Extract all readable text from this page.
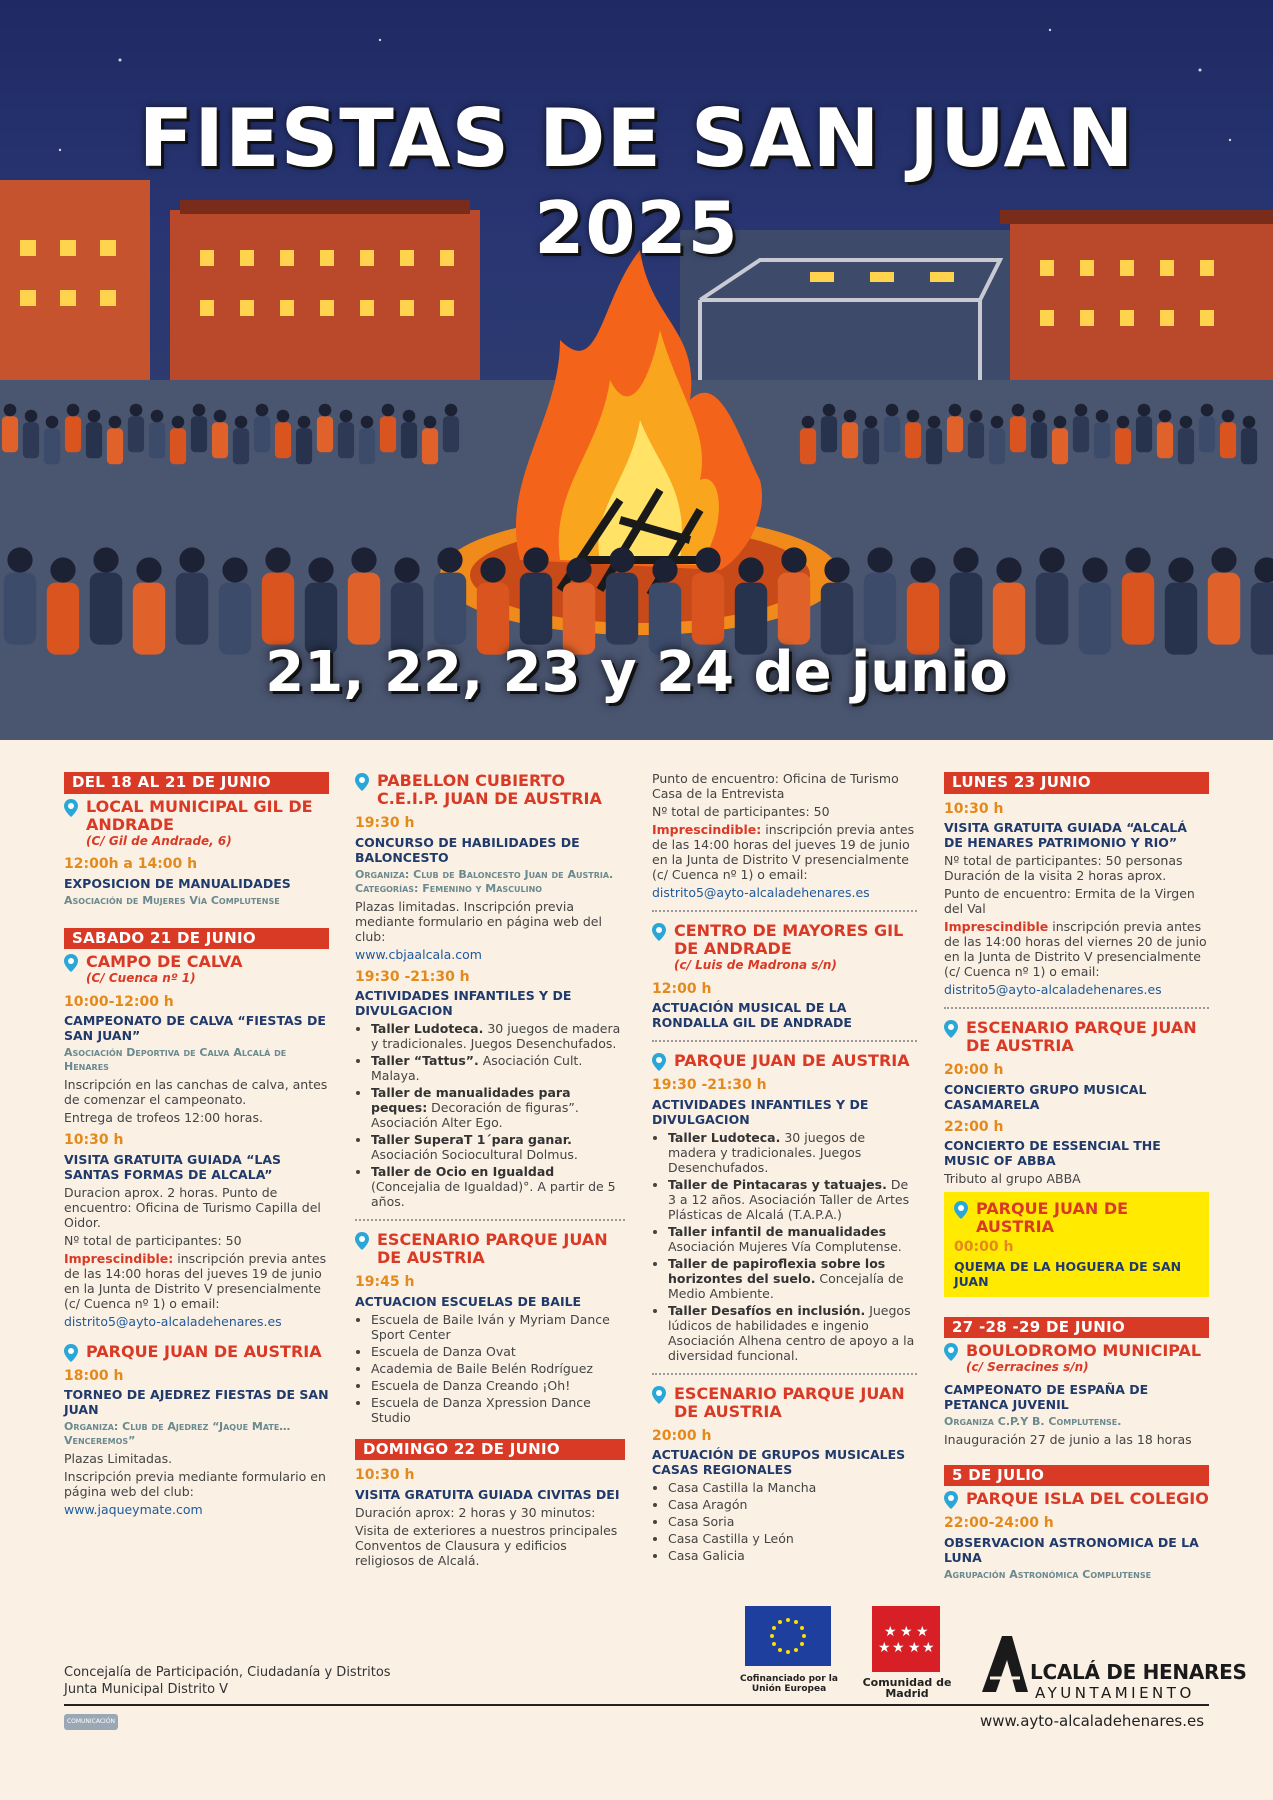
FIESTAS DE SAN JUAN
2025
21, 22, 23 y 24 de junio
DEL 18 AL 21 DE JUNIO
LOCAL MUNICIPAL GIL DE ANDRADE
(C/ Gil de Andrade, 6)
12:00h a 14:00 h
EXPOSICION DE MANUALIDADES
Asociación de Mujeres Vía Complutense
SABADO 21 DE JUNIO
CAMPO DE CALVA
(C/ Cuenca nº 1)
10:00-12:00 h
CAMPEONATO DE CALVA “FIESTAS DE SAN JUAN”
Asociación Deportiva de Calva Alcalá de Henares
Inscripción en las canchas de calva, antes de comenzar el campeonato.
Entrega de trofeos 12:00 horas.
10:30 h
VISITA GRATUITA GUIADA “LAS SANTAS FORMAS DE ALCALA”
Duracion aprox. 2 horas. Punto de encuentro: Oficina de Turismo Capilla del Oidor.
Nº total de participantes: 50
Imprescindible: inscripción previa antes de las 14:00 horas del jueves 19 de junio en la Junta de Distrito V presencialmente (c/ Cuenca nº 1) o email:
distrito5@ayto-alcaladehenares.es
PARQUE JUAN DE AUSTRIA
18:00 h
TORNEO DE AJEDREZ FIESTAS DE SAN JUAN
Organiza: Club de Ajedrez “Jaque Mate… Venceremos”
Plazas Limitadas.
Inscripción previa mediante formulario en página web del club:
www.jaqueymate.com
PABELLON CUBIERTO C.E.I.P. JUAN DE AUSTRIA
19:30 h
CONCURSO DE HABILIDADES DE BALONCESTO
Organiza: Club de Baloncesto Juan de Austria. Categorías: Femenino y Masculino
Plazas limitadas. Inscripción previa mediante formulario en página web del club:
www.cbjaalcala.com
19:30 -21:30 h
ACTIVIDADES INFANTILES Y DE DIVULGACION
• Taller Ludoteca. 30 juegos de madera y tradicionales. Juegos Desenchufados.
• Taller “Tattus”. Asociación Cult. Malaya.
• Taller de manualidades para peques: Decoración de figuras”. Asociación Alter Ego.
• Taller SuperaT 1´para ganar. Asociación Sociocultural Dolmus.
• Taller de Ocio en Igualdad (Concejalia de Igualdad)°. A partir de 5 años.
ESCENARIO PARQUE JUAN DE AUSTRIA
19:45 h
ACTUACION ESCUELAS DE BAILE
• Escuela de Baile Iván y Myriam Dance Sport Center
• Escuela de Danza Ovat
• Academia de Baile Belén Rodríguez
• Escuela de Danza Creando ¡Oh!
• Escuela de Danza Xpression Dance Studio
DOMINGO 22 DE JUNIO
10:30 h
VISITA GRATUITA GUIADA CIVITAS DEI
Duración aprox: 2 horas y 30 minutos:
Visita de exteriores a nuestros principales Conventos de Clausura y edificios religiosos de Alcalá.
Punto de encuentro: Oficina de Turismo Casa de la Entrevista
Nº total de participantes: 50
Imprescindible: inscripción previa antes de las 14:00 horas del jueves 19 de junio en la Junta de Distrito V presencialmente (c/ Cuenca nº 1) o email:
distrito5@ayto-alcaladehenares.es
CENTRO DE MAYORES GIL DE ANDRADE
(c/ Luis de Madrona s/n)
12:00 h
ACTUACIÓN MUSICAL DE LA RONDALLA GIL DE ANDRADE
PARQUE JUAN DE AUSTRIA
19:30 -21:30 h
ACTIVIDADES INFANTILES Y DE DIVULGACION
• Taller Ludoteca. 30 juegos de madera y tradicionales. Juegos Desenchufados.
• Taller de Pintacaras y tatuajes. De 3 a 12 años. Asociación Taller de Artes Plásticas de Alcalá (T.A.P.A.)
• Taller infantil de manualidades Asociación Mujeres Vía Complutense.
• Taller de papiroflexia sobre los horizontes del suelo. Concejalía de Medio Ambiente.
• Taller Desafíos en inclusión. Juegos lúdicos de habilidades e ingenio Asociación Alhena centro de apoyo a la diversidad funcional.
ESCENARIO PARQUE JUAN DE AUSTRIA
20:00 h
ACTUACIÓN DE GRUPOS MUSICALES CASAS REGIONALES
• Casa Castilla la Mancha
• Casa Aragón
• Casa Soria
• Casa Castilla y León
• Casa Galicia
LUNES 23 JUNIO
10:30 h
VISITA GRATUITA GUIADA “ALCALÁ DE HENARES PATRIMONIO Y RIO”
Nº total de participantes: 50 personas Duración de la visita 2 horas aprox.
Punto de encuentro: Ermita de la Virgen del Val
Imprescindible inscripción previa antes de las 14:00 horas del viernes 20 de junio en la Junta de Distrito V presencialmente (c/ Cuenca nº 1) o email:
distrito5@ayto-alcaladehenares.es
ESCENARIO PARQUE JUAN DE AUSTRIA
20:00 h
CONCIERTO GRUPO MUSICAL CASAMARELA
22:00 h
CONCIERTO DE ESSENCIAL THE MUSIC OF ABBA
Tributo al grupo ABBA
PARQUE JUAN DE AUSTRIA
00:00 h
QUEMA DE LA HOGUERA DE SAN JUAN
27 -28 -29 DE JUNIO
BOULODROMO MUNICIPAL
(c/ Serracines s/n)
CAMPEONATO DE ESPAÑA DE PETANCA JUVENIL
Organiza C.P.Y B. Complutense.
Inauguración 27 de junio a las 18 horas
5 DE JULIO
PARQUE ISLA DEL COLEGIO
22:00-24:00 h
OBSERVACION ASTRONOMICA DE LA LUNA
Agrupación Astronómica Complutense
Concejalía de Participación, Ciudadanía y Distritos
Junta Municipal Distrito V
COMUNICACIÓN
Cofinanciado por la Unión Europea
★ ★ ★
★ ★ ★ ★
Comunidad de Madrid
LCALÁ DE HENARES
AYUNTAMIENTO
www.ayto-alcaladehenares.es
